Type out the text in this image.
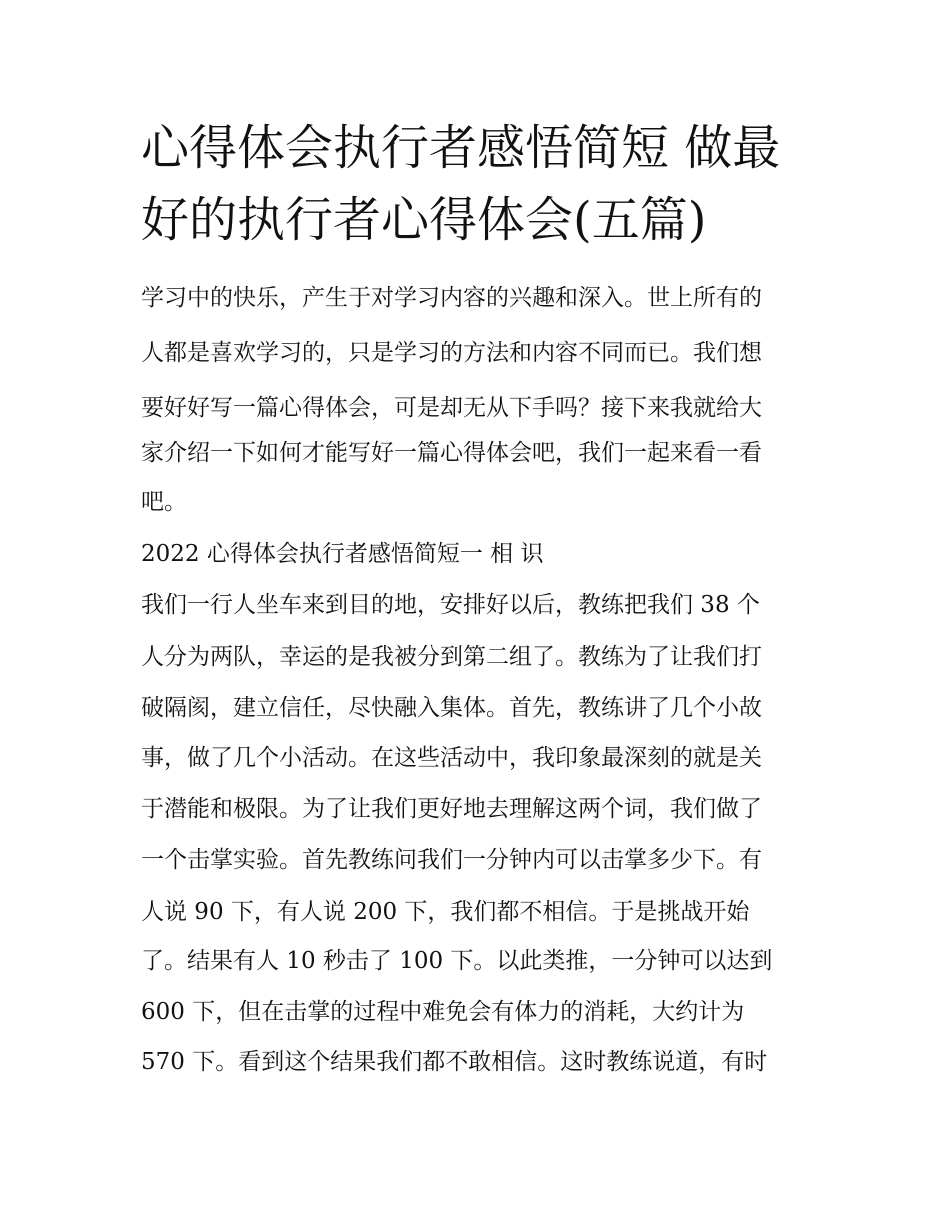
心得体会执行者感悟简短 做最
好的执行者心得体会(五篇)

学习中的快乐，产生于对学习内容的兴趣和深入。世上所有的

人都是喜欢学习的，只是学习的方法和内容不同而已。我们想

要好好写一篇心得体会，可是却无从下手吗？接下来我就给大

家介绍一下如何才能写好一篇心得体会吧，我们一起来看一看

吧。

2022 心得体会执行者感悟简短一 相 识

我们一行人坐车来到目的地，安排好以后，教练把我们 38 个

人分为两队，幸运的是我被分到第二组了。教练为了让我们打

破隔阂，建立信任，尽快融入集体。首先，教练讲了几个小故

事，做了几个小活动。在这些活动中，我印象最深刻的就是关

于潜能和极限。为了让我们更好地去理解这两个词，我们做了

一个击掌实验。首先教练问我们一分钟内可以击掌多少下。有

人说 90 下，有人说 200 下，我们都不相信。于是挑战开始

了。结果有人 10 秒击了 100 下。以此类推，一分钟可以达到

600 下，但在击掌的过程中难免会有体力的消耗，大约计为

570 下。看到这个结果我们都不敢相信。这时教练说道，有时
